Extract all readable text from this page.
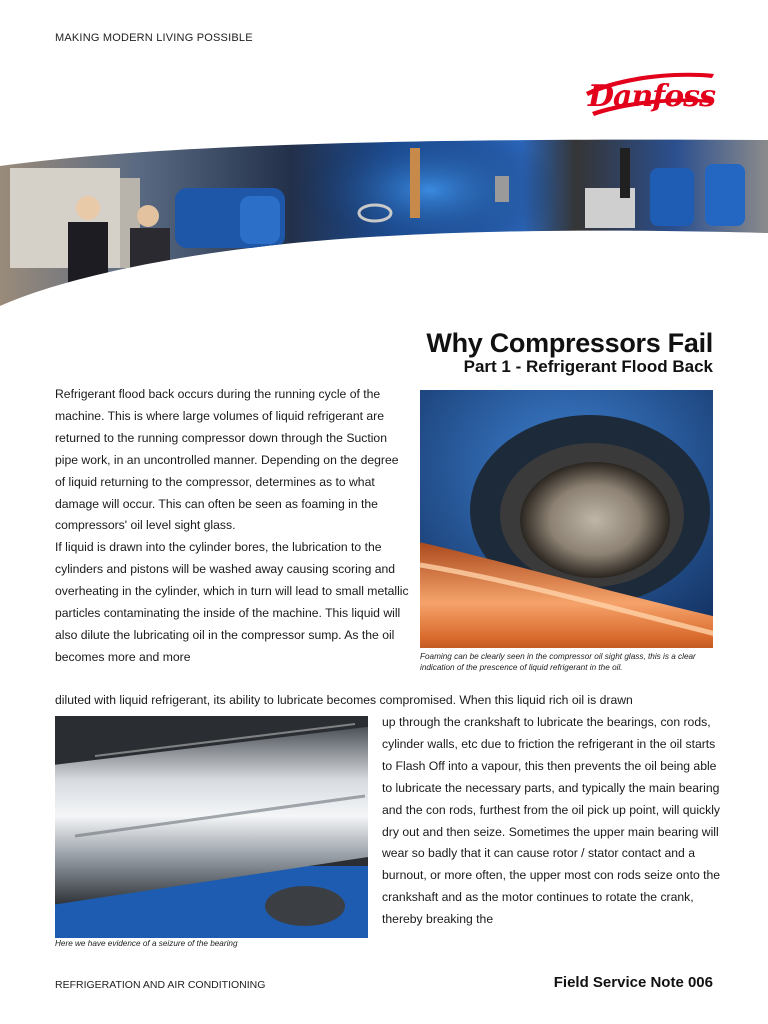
MAKING MODERN LIVING POSSIBLE
Danfoss
Why Compressors Fail
Part 1 - Refrigerant Flood Back

Refrigerant flood back occurs during the running cycle of the machine. This is where large volumes of liquid refrigerant are returned to the running compressor down through the Suction pipe work, in an uncontrolled manner. Depending on the degree of liquid returning to the compressor, determines as to what damage will occur. This can often be seen as foaming in the compressors' oil level sight glass.

If liquid is drawn into the cylinder bores, the lubrication to the cylinders and pistons will be washed away causing scoring and overheating in the cylinder, which in turn will lead to small metallic particles contaminating the inside of the machine. This liquid will also dilute the lubricating oil in the compressor sump. As the oil becomes more and more

diluted with liquid refrigerant, its ability to lubricate becomes compromised. When this liquid rich oil is drawn
up through the crankshaft to lubricate the bearings, con rods, cylinder walls, etc due to friction the refrigerant in the oil starts to Flash Off into a vapour, this then prevents the oil being able to lubricate the necessary parts, and typically the main bearing and the con rods, furthest from the oil pick up point, will quickly dry out and then seize. Sometimes the upper main bearing will wear so badly that it can cause rotor / stator contact and a burnout, or more often, the upper most con rods seize onto the crankshaft and as the motor continues to rotate the crank, thereby breaking the
Foaming can be clearly seen in the compressor oil sight glass, this is a clear indication of the prescence of liquid refrigerant in the oil.
Here we have evidence of a seizure of the bearing
REFRIGERATION AND AIR CONDITIONING	Field Service Note 006
